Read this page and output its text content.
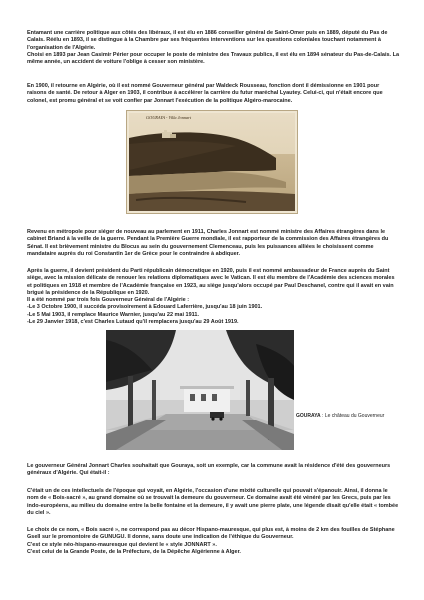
Entamant une carrière politique aux côtés des libéraux, il est élu en 1886 conseiller général de Saint-Omer puis en 1889, député du Pas de Calais. Réélu en 1893, il se distingue à la Chambre par ses fréquentes interventions sur les questions coloniales touchant notamment à l'organisation de l'Algérie.

Choisi en 1893 par Jean Casimir Périer pour occuper le poste de ministre des Travaux publics, il est élu en 1894 sénateur du Pas-de-Calais. La même année, un accident de voiture l'oblige à cesser son ministère.

En 1900, il retourne en Algérie, où il est nommé Gouverneur général par Waldeck Rousseau, fonction dont il démissionne en 1901 pour raisons de santé. De retour à Alger en 1903, il contribue à accélérer la carrière du futur maréchal Lyautey. Celui-ci, qui n'était encore que colonel, est promu général et se voit confier par Jonnart l'exécution de la politique Algéro-marocaine.

GOURAYA - Villa Jonnart

Revenu en métropole pour siéger de nouveau au parlement en 1911, Charles Jonnart est nommé ministre des Affaires étrangères dans le cabinet Briand à la veille de la guerre. Pendant la Première Guerre mondiale, il est rapporteur de la commission des Affaires étrangères du Sénat. Il est brièvement ministre du Blocus au sein du gouvernement Clemenceau, puis les puissances alliées le choisissent comme mandataire auprès du roi Constantin 1er de Grèce pour le contraindre à abdiquer.

Après la guerre, il devient président du Parti républicain démocratique en 1920, puis il est nommé ambassadeur de France auprès du Saint siège, avec la mission délicate de renouer les relations diplomatiques avec le Vatican. Il est élu membre de l'Académie des sciences morales et politiques en 1918 et membre de l'Académie française en 1923, au siège jusqu'alors occupé par Paul Deschanel, contre qui il avait en vain brigué la présidence de la République en 1920.

Il a été nommé par trois fois Gouverneur Général de l'Algérie :

-Le 3 Octobre 1900, il succéda provisoirement à Edouard Laferrière, jusqu'au 18 juin 1901.

-Le 5 Mai 1903, il remplace Maurice Warnier, jusqu'au 22 mai 1911.

-Le 29 Janvier 1918, c'est Charles Lutaud qu'il remplacera jusqu'au 29 Août 1919.

GOURAYA : Le château du Gouverneur

Le gouverneur Général Jonnart Charles souhaitait que Gouraya, soit un exemple, car la commune avait la résidence d'été des gouverneurs généraux d'Algérie. Qui était-il :

C'était un de ces intellectuels de l'époque qui voyait, en Algérie, l'occasion d'une mixité culturelle qui pouvait s'épanouir. Ainsi, il donna le nom de « Bois-sacré », au grand domaine où se trouvait la demeure du gouverneur. Ce domaine avait été vénéré par les Grecs, puis par les indo-européens, au milieu du domaine entre la belle fontaine et la demeure, il y avait une pierre plate, une légende disait qu'elle était « tombée du ciel ».

Le choix de ce nom, « Bois sacré », ne correspond pas au décor Hispano-mauresque, qui plus est, à moins de 2 km des fouilles de Stéphane Gsell sur le promontoire de GUNUGU. Il donne, sans doute une indication de l'éthique du Gouverneur.

C'est ce style néo-hispano-mauresque qui devient le « style JONNART ».

C'est celui de la Grande Poste, de la Préfecture, de la Dépêche Algérienne à Alger.
